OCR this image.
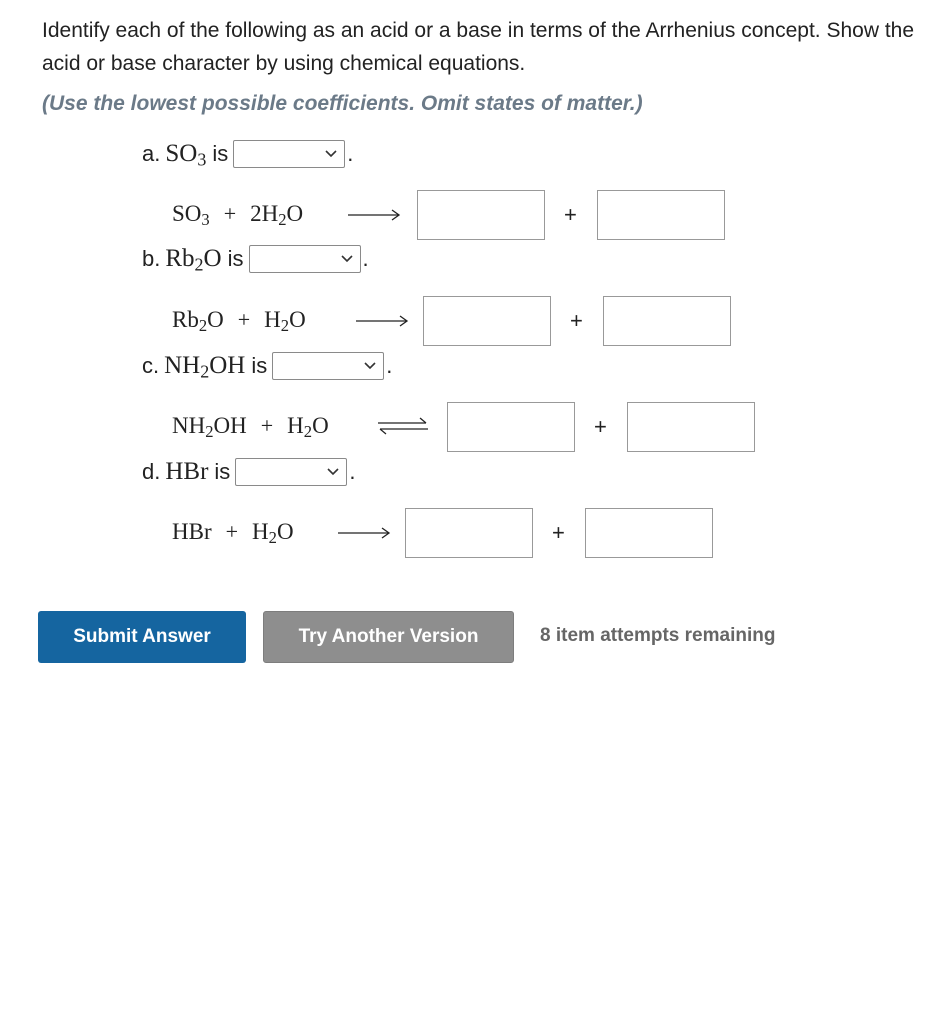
Identify each of the following as an acid or a base in terms of the Arrhenius concept. Show the acid or base character by using chemical equations.
(Use the lowest possible coefficients. Omit states of matter.)
a. $SO_3$ is	.
$SO_3 + 2H_2O$	+
b. $Rb_2O$ is	.
$Rb_2O + H_2O$	+
c. $NH_2OH$ is	.
$NH_2OH + H_2O$	+
d. HBr is	.
HBr + $H_2O$	+
Submit Answer	Try Another Version	8 item attempts remaining
